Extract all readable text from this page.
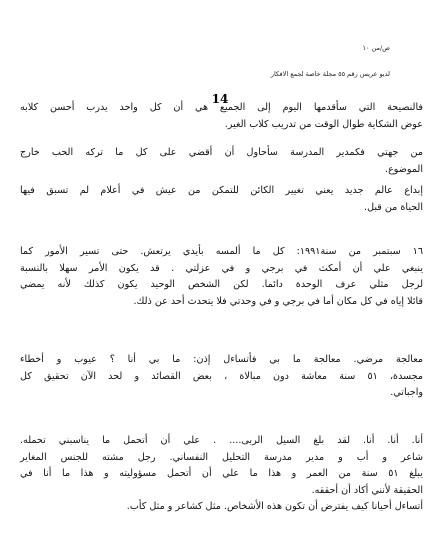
ص/من ١٠
لديو عريس رقم ٥٥ مجلة خاصة لجمع الافكار
14
فالنصيحة التي سأقدمها اليوم إلى الجميع هي أن كل واحد يدرب أحسن كلابه
عوض الشكاية طوال الوقت من تدريب كلاب الغير.
من جهتي فكمدير المدرسة سأحاول أن أقضي على كل ما تركه الحب خارج
الموضوع.
إبداع عالم جديد يعني تغيير الكائن للتمكن من عيش في أعلام لم تسبق فيها
الحياة من قبل.
١٦ سبتمبر من سنة١٩٩١: كل ما ألمسه بأيدي يرتعش. حتى تسير الأمور كما
ينبغي علي أن أمكث في برجي و في عزلتي . قد يكون الأمر سهلا بالنسبة
لرجل مثلي عرف الوحدة دائما. لكن الشخص الوحيد يكون كذلك لأنه يمضي
قائلا إياه في كل مكان أما في برجي و في وحدتي فلا يتحدث أحد عن ذلك.
معالجة مرضي. معالجة ما بي فأتساءل إذن: ما بي أنا ؟ عيوب و أخطاء
مجسدة، ٥١ سنة معاشة دون مبالاة ، بعض القصائد و لحد الآن تحقيق كل
واجباتي.
أنا. أنا. أنا. لقد بلغ السيل الربى.... . علي أن أتحمل ما يناسبني تحمله.
شاعر و أب و مدير مدرسة التحليل النفساني. رجل مشته للجنس المغاير
يبلغ ٥١ سنة من العمر و هذا ما علي أن أتحمل مسؤوليته و هذا ما أنا في
الحقيقة لأنني أكاد أن أحققه.
أتساءل أحيانا كيف يفترض أن تكون هذه الأشخاص. مثل كشاعر و مثل كأب.
